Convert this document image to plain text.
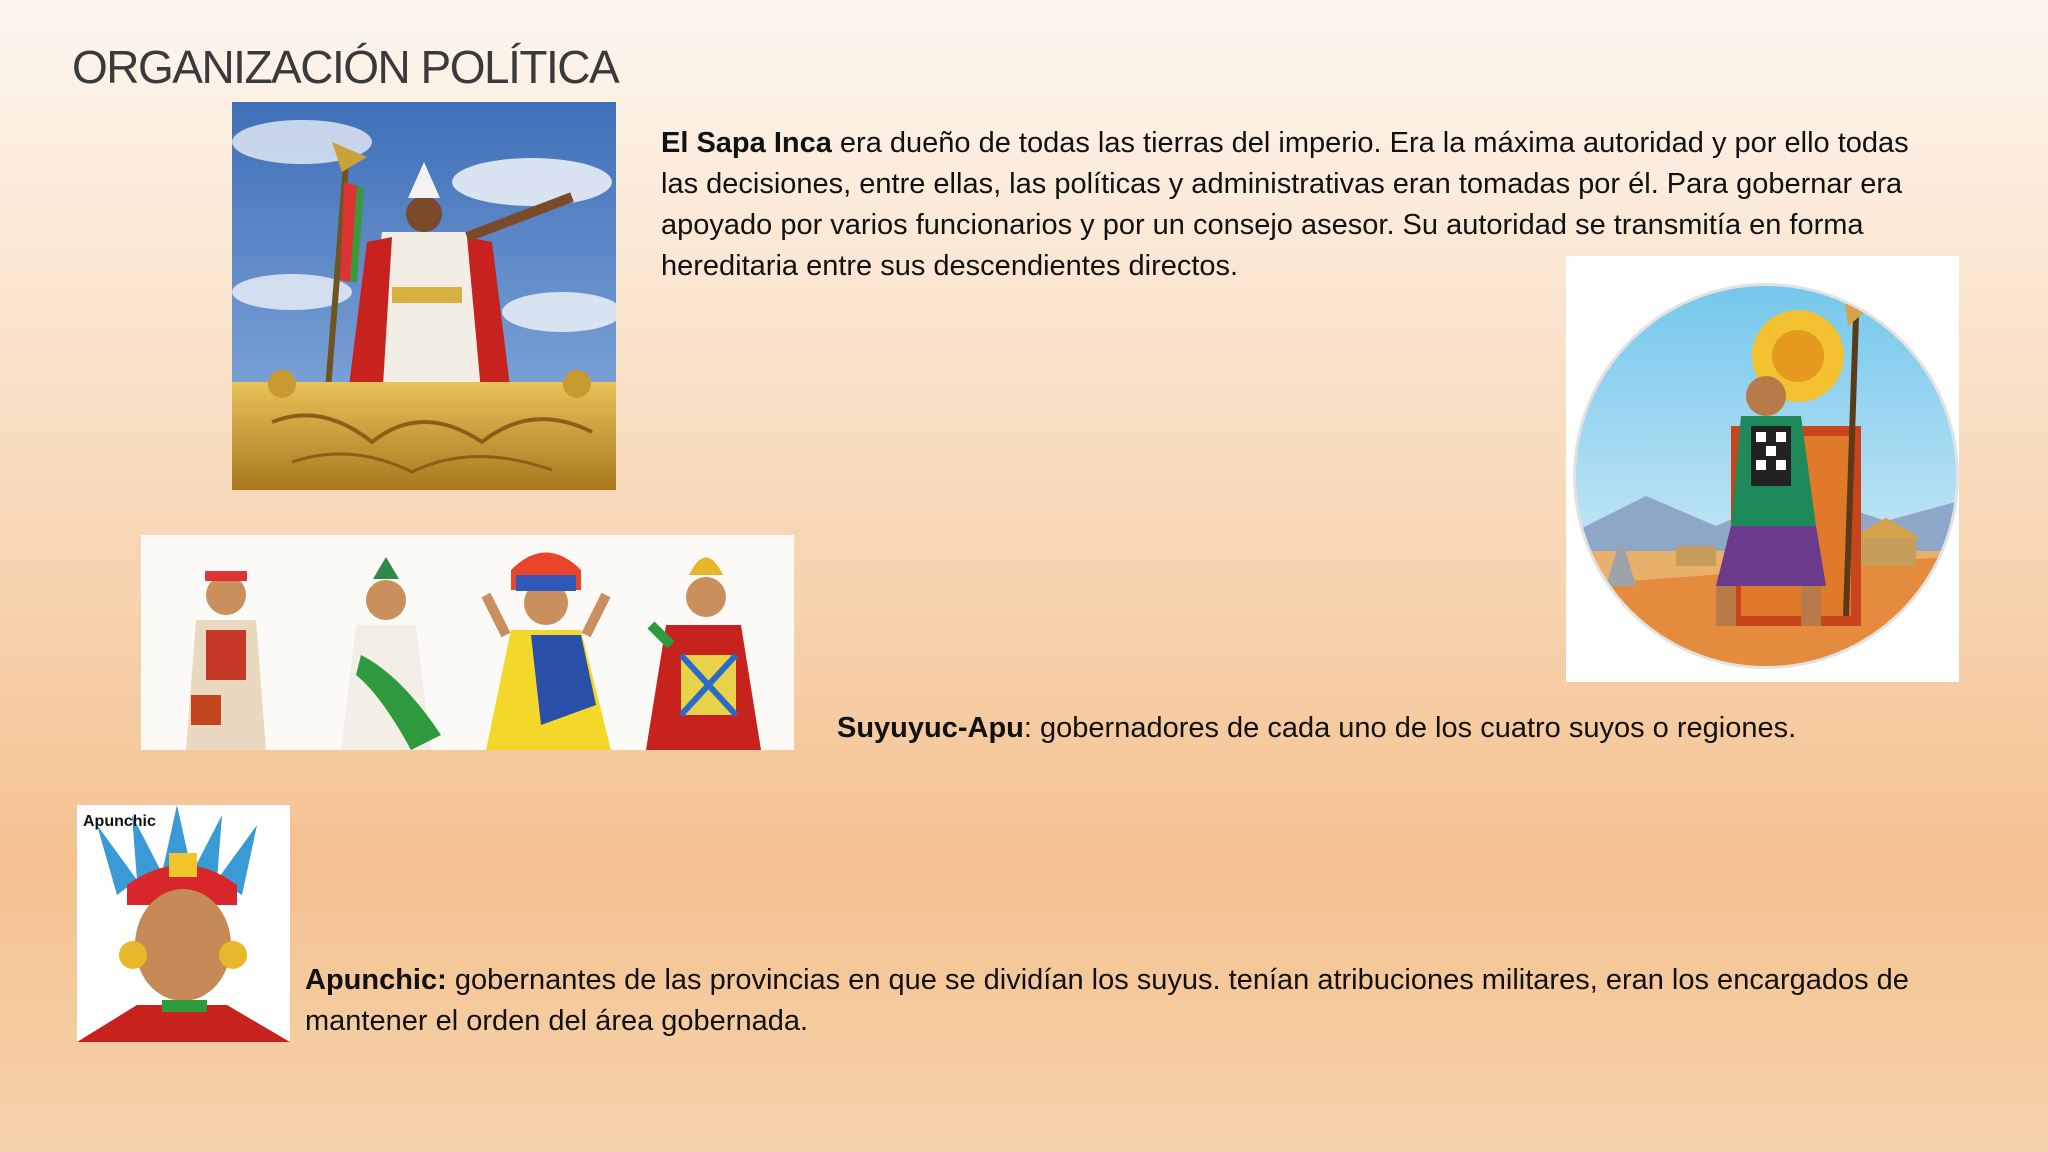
ORGANIZACIÓN POLÍTICA

El Sapa Inca era dueño de todas las tierras del imperio. Era la máxima autoridad y por ello todas las decisiones, entre ellas, las políticas y administrativas eran tomadas por él. Para gobernar era apoyado por varios funcionarios y por un consejo asesor. Su autoridad se transmitía en forma hereditaria entre sus descendientes directos.

Suyuyuc-Apu: gobernadores de cada uno de los cuatro suyos o regiones.

Apunchic

Apunchic: gobernantes de las provincias en que se dividían los suyus. tenían atribuciones militares, eran los encargados de mantener el orden del área gobernada.
